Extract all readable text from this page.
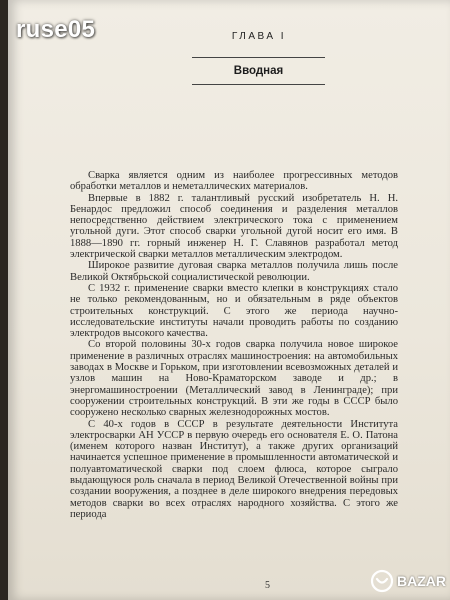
ГЛАВА I
Вводная

Сварка является одним из наиболее прогрессивных методов обработки металлов и неметаллических материалов.

Впервые в 1882 г. талантливый русский изобретатель Н. Н. Бенардос предложил способ соединения и разделения металлов непосредственно действием электрического тока с применением угольной дуги. Этот способ сварки угольной дугой носит его имя. В 1888—1890 гг. горный инженер Н. Г. Славянов разработал метод электрической сварки металлов металлическим электродом.

Широкое развитие дуговая сварка металлов получила лишь после Великой Октябрьской социалистической революции.

С 1932 г. применение сварки вместо клепки в конструкциях стало не только рекомендованным, но и обязательным в ряде объектов строительных конструкций. С этого же периода научно-исследовательские институты начали проводить работы по созданию электродов высокого качества.

Со второй половины 30-х годов сварка получила новое широкое применение в различных отраслях машиностроения: на автомобильных заводах в Москве и Горьком, при изготовлении всевозможных деталей и узлов машин на Ново-Краматорском заводе и др.; в энергомашиностроении (Металлический завод в Ленинграде); при сооружении строительных конструкций. В эти же годы в СССР было сооружено несколько сварных железнодорожных мостов.

С 40-х годов в СССР в результате деятельности Института электросварки АН УССР в первую очередь его основателя Е. О. Патона (именем которого назван Институт), а также других организаций начинается успешное применение в промышленности автоматической и полуавтоматической сварки под слоем флюса, которое сыграло выдающуюся роль сначала в период Великой Отечественной войны при создании вооружения, а позднее в деле широкого внедрения передовых методов сварки во всех отраслях народного хозяйства. С этого же периода

5
ruse05
BAZAR
